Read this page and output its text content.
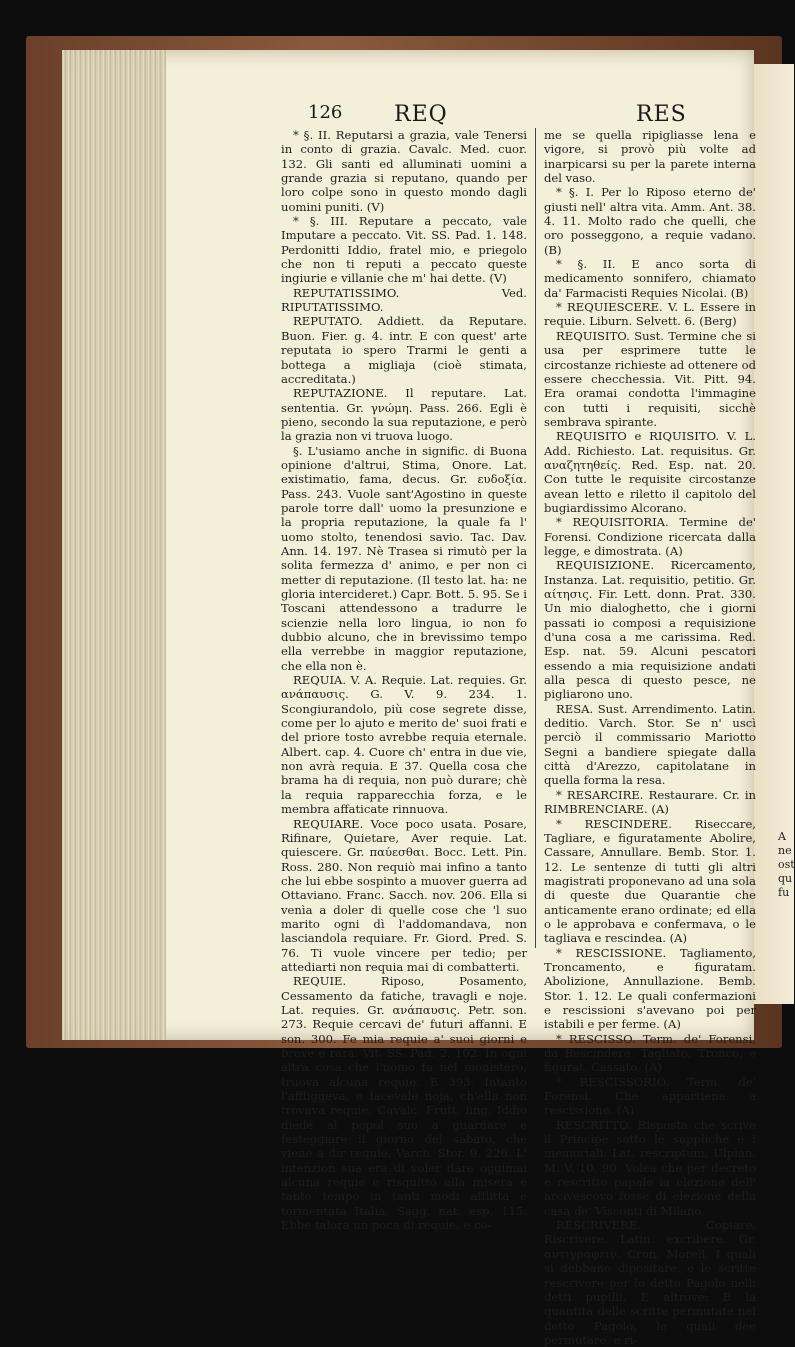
126 REQ	RES

* §. II. Reputarsi a grazia, vale Tenersi in conto di grazia. Cavalc. Med. cuor. 132. Gli santi ed alluminati uomini a grande grazia si reputano, quando per loro colpe sono in questo mondo dagli uomini puniti. (V)

* §. III. Reputare a peccato, vale Imputare a peccato. Vit. SS. Pad. 1. 148. Perdonitti Iddio, fratel mio, e priegolo che non ti reputi a peccato queste ingiurie e villanie che m' hai dette. (V)

REPUTATISSIMO. Ved. RIPUTATISSIMO.

REPUTATO. Addiett. da Reputare. Buon. Fier. g. 4. intr. E con quest' arte reputata io spero Trarmi le genti a bottega a migliaja (cioè stimata, accreditata.)

REPUTAZIONE. Il reputare. Lat. sententia. Gr. γνώμη. Pass. 266. Egli è pieno, secondo la sua reputazione, e però la grazia non vi truova luogo.

§. L'usiamo anche in signific. di Buona opinione d'altrui, Stima, Onore. Lat. existimatio, fama, decus. Gr. ευδοξία. Pass. 243. Vuole sant'Agostino in queste parole torre dall' uomo la presunzione e la propria reputazione, la quale fa l' uomo stolto, tenendosi savio. Tac. Dav. Ann. 14. 197. Nè Trasea si rimutò per la solita fermezza d' animo, e per non ci metter di reputazione. (Il testo lat. ha: ne gloria intercideret.) Capr. Bott. 5. 95. Se i Toscani attendessono a tradurre le scienzie nella loro lingua, io non fo dubbio alcuno, che in brevissimo tempo ella verrebbe in maggior reputazione, che ella non è.

REQUIA. V. A. Requie. Lat. requies. Gr. ανάπαυσις. G. V. 9. 234. 1. Scongiurandolo, più cose segrete disse, come per lo ajuto e merito de' suoi frati e del priore tosto avrebbe requia eternale. Albert. cap. 4. Cuore ch' entra in due vie, non avrà requia. E 37. Quella cosa che brama ha di requia, non può durare; chè la requia rapparecchia forza, e le membra affaticate rinnuova.

REQUIARE. Voce poco usata. Posare, Rifinare, Quietare, Aver requie. Lat. quiescere. Gr. παύεσθαι. Bocc. Lett. Pin. Ross. 280. Non requiò mai infino a tanto che lui ebbe sospinto a muover guerra ad Ottaviano. Franc. Sacch. nov. 206. Ella si venìa a doler di quelle cose che 'l suo marito ogni dì l'addomandava, non lasciandola requiare. Fr. Giord. Pred. S. 76. Ti vuole vincere per tedio; per attediarti non requia mai di combatterti.

REQUIE. Riposo, Posamento, Cessamento da fatiche, travagli e noje. Lat. requies. Gr. ανάπαυσις. Petr. son. 273. Requie cercavi de' futuri affanni. E son. 300. Fe mia requie a' suoi giorni e breve e rara. Vit. SS. Pad. 2. 102. In ogni altra cosa che l'uomo fa nel monistero, truova alcuna requie. E 393. Intanto l'affliggeva, e facevale noja, ch'ella non trovava requie. Cavalc. Frutt. ling. Iddio diede al popol suo a guardare e festeggiare il giorno del sabato, che viene a dir requie. Varch. Stor. 9. 226. L' intenzion sua era di voler dare oggimai alcuna requie e risquitto alla misera e tanto tempo in tanti modi afflitta e tormentata Italia. Sagg. nat. esp. 115. Ebbe talora un poca di requie, e co-

me se quella ripigliasse lena e vigore, si provò più volte ad inarpicarsi su per la parete interna del vaso.

* §. I. Per lo Riposo eterno de' giusti nell' altra vita. Amm. Ant. 38. 4. 11. Molto rado che quelli, che oro posseggono, a requie vadano. (B)

* §. II. E anco sorta di medicamento sonnifero, chiamato da' Farmacisti Requies Nicolai. (B)

* REQUIESCERE. V. L. Essere in requie. Liburn. Selvett. 6. (Berg)

REQUISITO. Sust. Termine che si usa per esprimere tutte le circostanze richieste ad ottenere od essere checchessia. Vit. Pitt. 94. Era oramai condotta l'immagine con tutti i requisiti, sicchè sembrava spirante.

REQUISITO e RIQUISITO. V. L. Add. Richiesto. Lat. requisitus. Gr. αναζητηθείς. Red. Esp. nat. 20. Con tutte le requisite circostanze avean letto e riletto il capitolo del bugiardissimo Alcorano.

* REQUISITORIA. Termine de' Forensi. Condizione ricercata dalla legge, e dimostrata. (A)

REQUISIZIONE. Ricercamento, Instanza. Lat. requisitio, petitio. Gr. αίτησις. Fir. Lett. donn. Prat. 330. Un mio dialoghetto, che i giorni passati io composi a requisizione d'una cosa a me carissima. Red. Esp. nat. 59. Alcuni pescatori essendo a mia requisizione andati alla pesca di questo pesce, ne pigliarono uno.

RESA. Sust. Arrendimento. Latin. deditio. Varch. Stor. Se n' uscì perciò il commissario Mariotto Segni a bandiere spiegate dalla città d'Arezzo, capitolatane in quella forma la resa.

* RESARCIRE. Restaurare. Cr. in RIMBRENCIARE. (A)

* RESCINDERE. Riseccare, Tagliare, e figuratamente Abolire, Cassare, Annullare. Bemb. Stor. 1. 12. Le sentenze di tutti gli altri magistrati proponevano ad una sola di queste due Quarantie che anticamente erano ordinate; ed ella o le approbava e confermava, o le tagliava e rescindea. (A)

* RESCISSIONE. Tagliamento, Troncamento, e figuratam. Abolizione, Annullazione. Bemb. Stor. 1. 12. Le quali confermazioni e rescissioni s'avevano poi per istabili e per ferme. (A)

* RESCISSO. Term. de' Forensi, da Rescindere. Tagliato, Tronco, e figurat. Cassato. (A)

* RESCISSORIO. Term. de' Forensi. Che appartiene a rescissione. (A)

RESCRITTO. Risposta che scrive il Principe sotto le suppliche e i memoriali. Lat. rescriptum, Ulpian. M. V. 10. 90. Volea che per decreto e rescritto papale la elezione dell' arcivescovo fosse di elezione della casa de' Visconti di Milano.

RESCRIVERE. Copiare, Riscrivere. Latin. excribere. Gr. αντιγράφειν. Cron. Morell. I quali si debbano dipositare, e le scritte rescrivere per lo detto Pagolo nelli detti pupilli. E altrove: E la quantità delle scritte permutate nel detto Pagolo, le quali dee permutare, e ri-

A
ne
ost
qu
fu
